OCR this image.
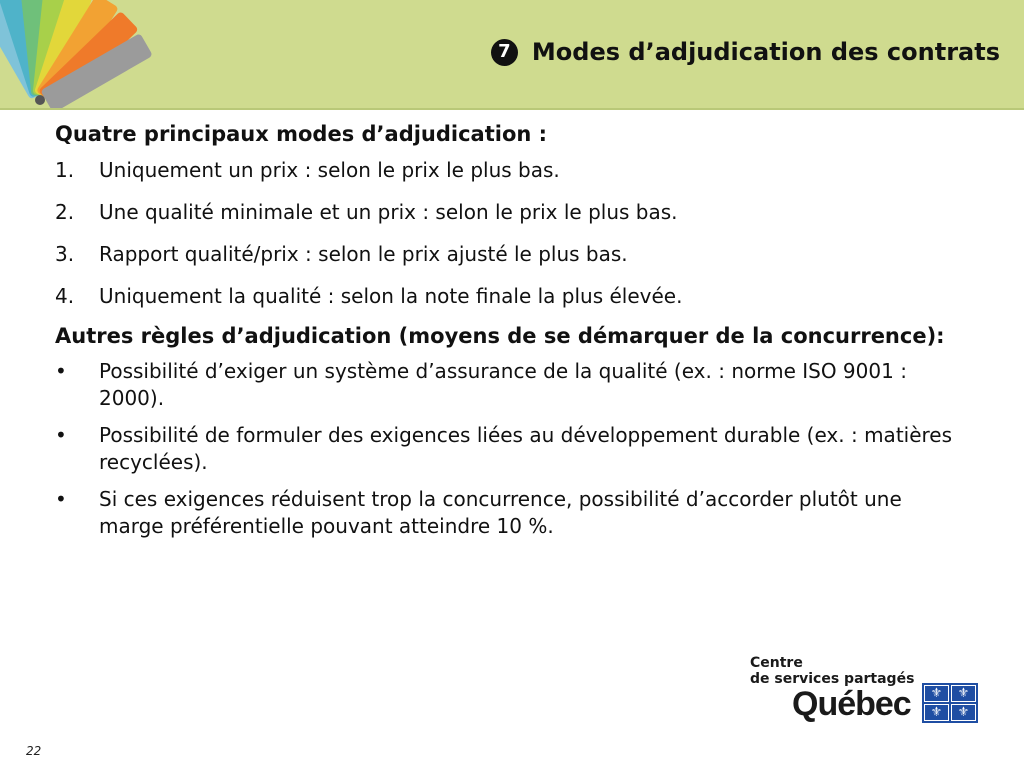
7 Modes d’adjudication des contrats

Quatre principaux modes d’adjudication :

1. Uniquement un prix : selon le prix le plus bas.
2. Une qualité minimale et un prix : selon le prix le plus bas.
3. Rapport qualité/prix : selon le prix ajusté le plus bas.
4. Uniquement la qualité : selon la note finale la plus élevée.

Autres règles d’adjudication (moyens de se démarquer de la concurrence):

• Possibilité d’exiger un système d’assurance de la qualité (ex. : norme ISO 9001 : 2000).
• Possibilité de formuler des exigences liées au développement durable (ex. : matières recyclées).
• Si ces exigences réduisent trop la concurrence, possibilité d’accorder plutôt une marge préférentielle pouvant atteindre 10 %.
Centre
de services partagés
Québec	⚜	⚜
⚜	⚜
22
